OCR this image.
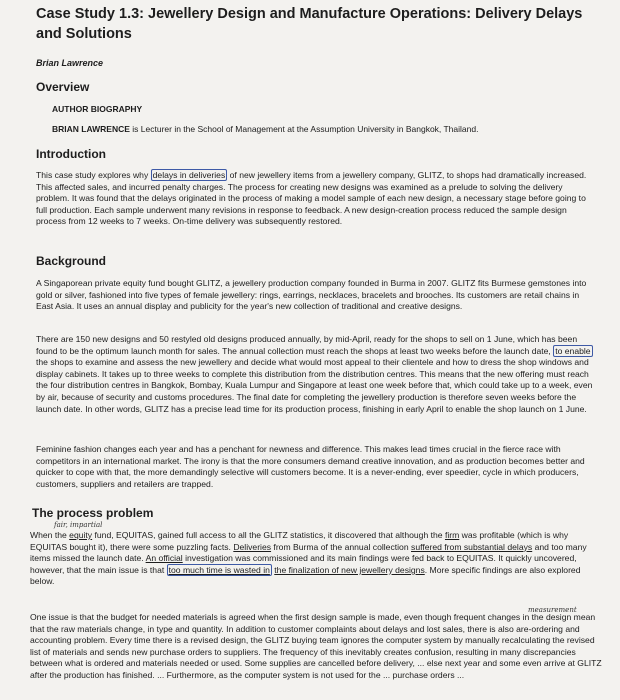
Case Study 1.3: Jewellery Design and Manufacture Operations: Delivery Delays and Solutions
Brian Lawrence
Overview
AUTHOR BIOGRAPHY
BRIAN LAWRENCE is Lecturer in the School of Management at the Assumption University in Bangkok, Thailand.
Introduction
This case study explores why delays in deliveries of new jewellery items from a jewellery company, GLITZ, to shops had dramatically increased. This affected sales, and incurred penalty charges. The process for creating new designs was examined as a prelude to solving the delivery problem. It was found that the delays originated in the process of making a model sample of each new design, a necessary stage before going to full production. Each sample underwent many revisions in response to feedback. A new design-creation process reduced the sample design process from 12 weeks to 7 weeks. On-time delivery was subsequently restored.
Background
A Singaporean private equity fund bought GLITZ, a jewellery production company founded in Burma in 2007. GLITZ fits Burmese gemstones into gold or silver, fashioned into five types of female jewellery: rings, earrings, necklaces, bracelets and brooches. Its customers are retail chains in East Asia. It uses an annual display and publicity for the year's new collection of traditional and creative designs.
There are 150 new designs and 50 restyled old designs produced annually, by mid-April, ready for the shops to sell on 1 June, which has been found to be the optimum launch month for sales. The annual collection must reach the shops at least two weeks before the launch date, to enable the shops to examine and assess the new jewellery and decide what would most appeal to their clientele and how to dress the shop windows and display cabinets. It takes up to three weeks to complete this distribution from the distribution centres. This means that the new offering must reach the four distribution centres in Bangkok, Bombay, Kuala Lumpur and Singapore at least one week before that, which could take up to a week, even by air, because of security and customs procedures. The final date for completing the jewellery production is therefore seven weeks before the launch date. In other words, GLITZ has a precise lead time for its production process, finishing in early April to enable the shop launch on 1 June.
Feminine fashion changes each year and has a penchant for newness and difference. This makes lead times crucial in the fierce race with competitors in an international market. The irony is that the more consumers demand creative innovation, and as production becomes better and quicker to cope with that, the more demandingly selective will customers become. It is a never-ending, ever speedier, cycle in which producers, customers, suppliers and retailers are trapped.
The process problem
fair, impartial
When the equity fund, EQUITAS, gained full access to all the GLITZ statistics, it discovered that although the firm was profitable (which is why EQUITAS bought it), there were some puzzling facts. Deliveries from Burma of the annual collection suffered from substantial delays and too many items missed the launch date. An official investigation was commissioned and its main findings were fed back to EQUITAS. It quickly uncovered, however, that the main issue is that too much time is wasted in the finalization of new jewellery designs. More specific findings are also explored below.
measurement
One issue is that the budget for needed materials is agreed when the first design sample is made, even though frequent changes in the design mean that the raw materials change, in type and quantity. In addition to customer complaints about delays and lost sales, there is also are-ordering and accounting problem. Every time there is a revised design, the GLITZ buying team ignores the computer system by manually recalculating the revised list of materials and sends new purchase orders to suppliers. The frequency of this inevitably creates confusion, resulting in many discrepancies between what is ordered and materials needed or used. Some supplies are cancelled before delivery, ... else next year and some even arrive at GLITZ after the production has finished. ... Furthermore, as the computer system is not used for the ... purchase orders ...
